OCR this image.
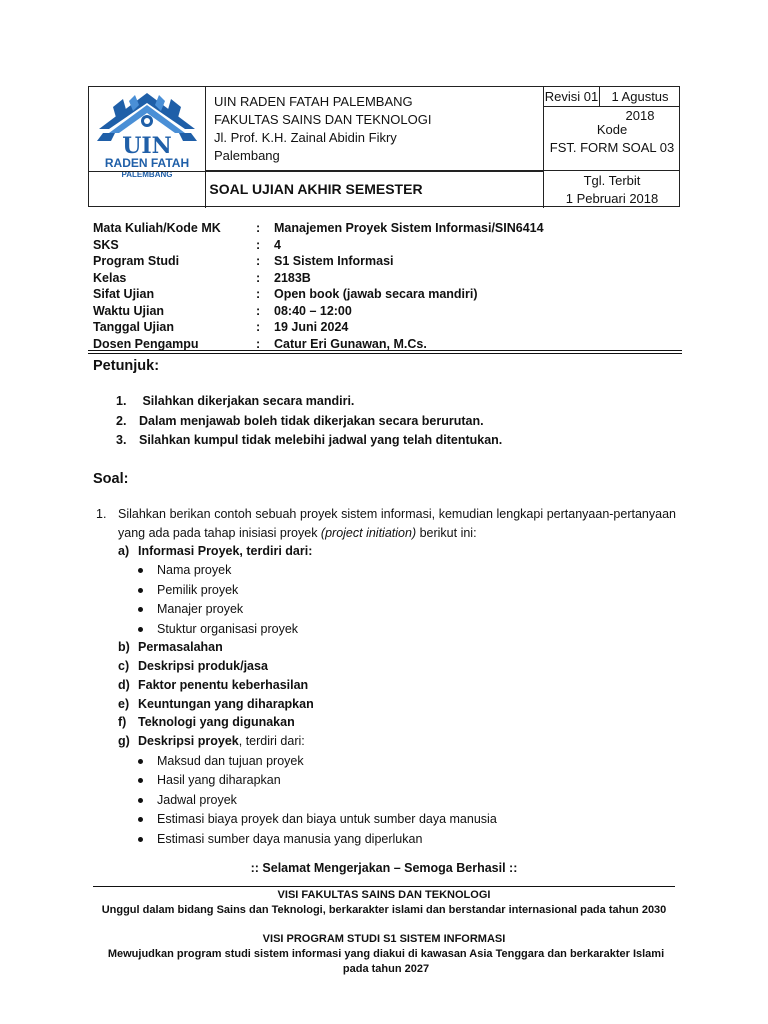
UIN
RADEN FATAH
PALEMBANG
UIN RADEN FATAH PALEMBANG
FAKULTAS SAINS DAN TEKNOLOGI
Jl. Prof. K.H. Zainal Abidin Fikry
Palembang
SOAL UJIAN AKHIR SEMESTER
Revisi 01	1 Agustus 2018
Kode
FST. FORM SOAL 03
Tgl. Terbit
1 Pebruari 2018
Mata Kuliah/Kode MK	: Manajemen Proyek Sistem Informasi/SIN6414
SKS	: 4
Program Studi	: S1 Sistem Informasi
Kelas	: 2183B
Sifat Ujian	: Open book (jawab secara mandiri)
Waktu Ujian	: 08:40 – 12:00
Tanggal Ujian	: 19 Juni 2024
Dosen Pengampu	: Catur Eri Gunawan, M.Cs.
Petunjuk:
1. Silahkan dikerjakan secara mandiri.
2. Dalam menjawab boleh tidak dikerjakan secara berurutan.
3. Silahkan kumpul tidak melebihi jadwal yang telah ditentukan.
Soal:
1. Silahkan berikan contoh sebuah proyek sistem informasi, kemudian lengkapi pertanyaan-pertanyaan yang ada pada tahap inisiasi proyek (project initiation) berikut ini:
a) Informasi Proyek, terdiri dari:
Nama proyek
Pemilik proyek
Manajer proyek
Stuktur organisasi proyek
b) Permasalahan
c) Deskripsi produk/jasa
d) Faktor penentu keberhasilan
e) Keuntungan yang diharapkan
f) Teknologi yang digunakan
g) Deskripsi proyek, terdiri dari:
Maksud dan tujuan proyek
Hasil yang diharapkan
Jadwal proyek
Estimasi biaya proyek dan biaya untuk sumber daya manusia
Estimasi sumber daya manusia yang diperlukan
:: Selamat Mengerjakan – Semoga Berhasil ::
VISI FAKULTAS SAINS DAN TEKNOLOGI
Unggul dalam bidang Sains dan Teknologi, berkarakter islami dan berstandar internasional pada tahun 2030
VISI PROGRAM STUDI S1 SISTEM INFORMASI
Mewujudkan program studi sistem informasi yang diakui di kawasan Asia Tenggara dan berkarakter Islami pada tahun 2027
